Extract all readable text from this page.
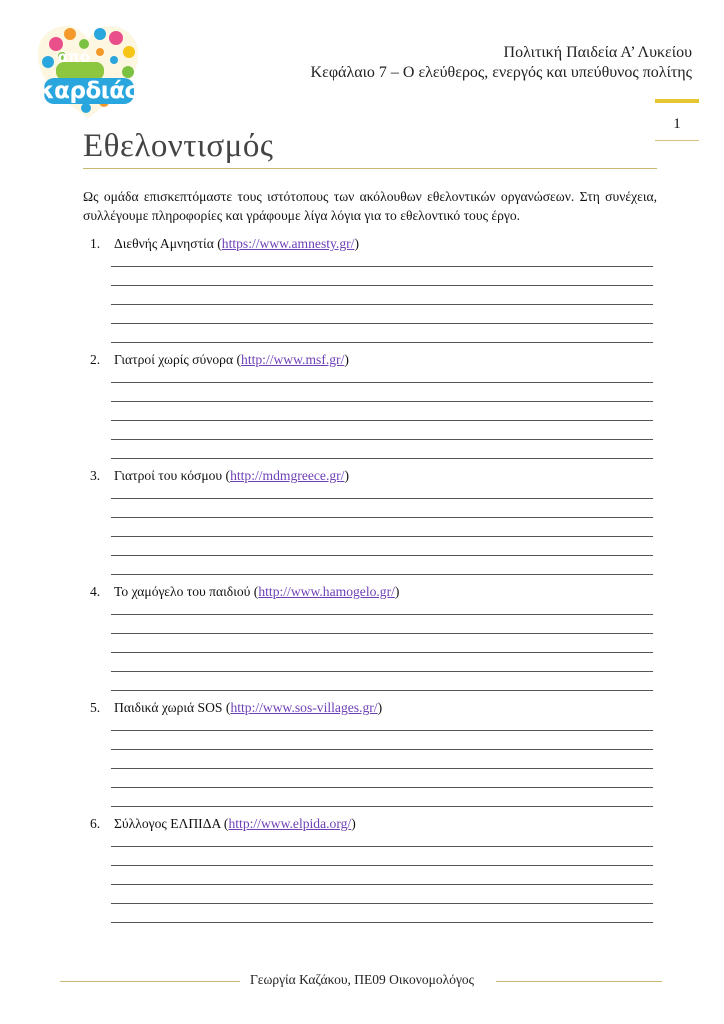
από
καρδιάς
Πολιτική Παιδεία Α’ Λυκείου
Κεφάλαιο 7 – Ο ελεύθερος, ενεργός και υπεύθυνος πολίτης
1
Εθελοντισμός
Ως ομάδα επισκεπτόμαστε τους ιστότοπους των ακόλουθων εθελοντικών οργανώσεων. Στη συνέχεια, συλλέγουμε πληροφορίες και γράφουμε λίγα λόγια για το εθελοντικό τους έργο.
1. Διεθνής Αμνηστία (https://www.amnesty.gr/)
2. Γιατροί χωρίς σύνορα (http://www.msf.gr/)
3. Γιατροί του κόσμου (http://mdmgreece.gr/)
4. Το χαμόγελο του παιδιού (http://www.hamogelo.gr/)
5. Παιδικά χωριά SOS (http://www.sos-villages.gr/)
6. Σύλλογος ΕΛΠΙΔΑ (http://www.elpida.org/)
Γεωργία Καζάκου, ΠΕ09 Οικονομολόγος
